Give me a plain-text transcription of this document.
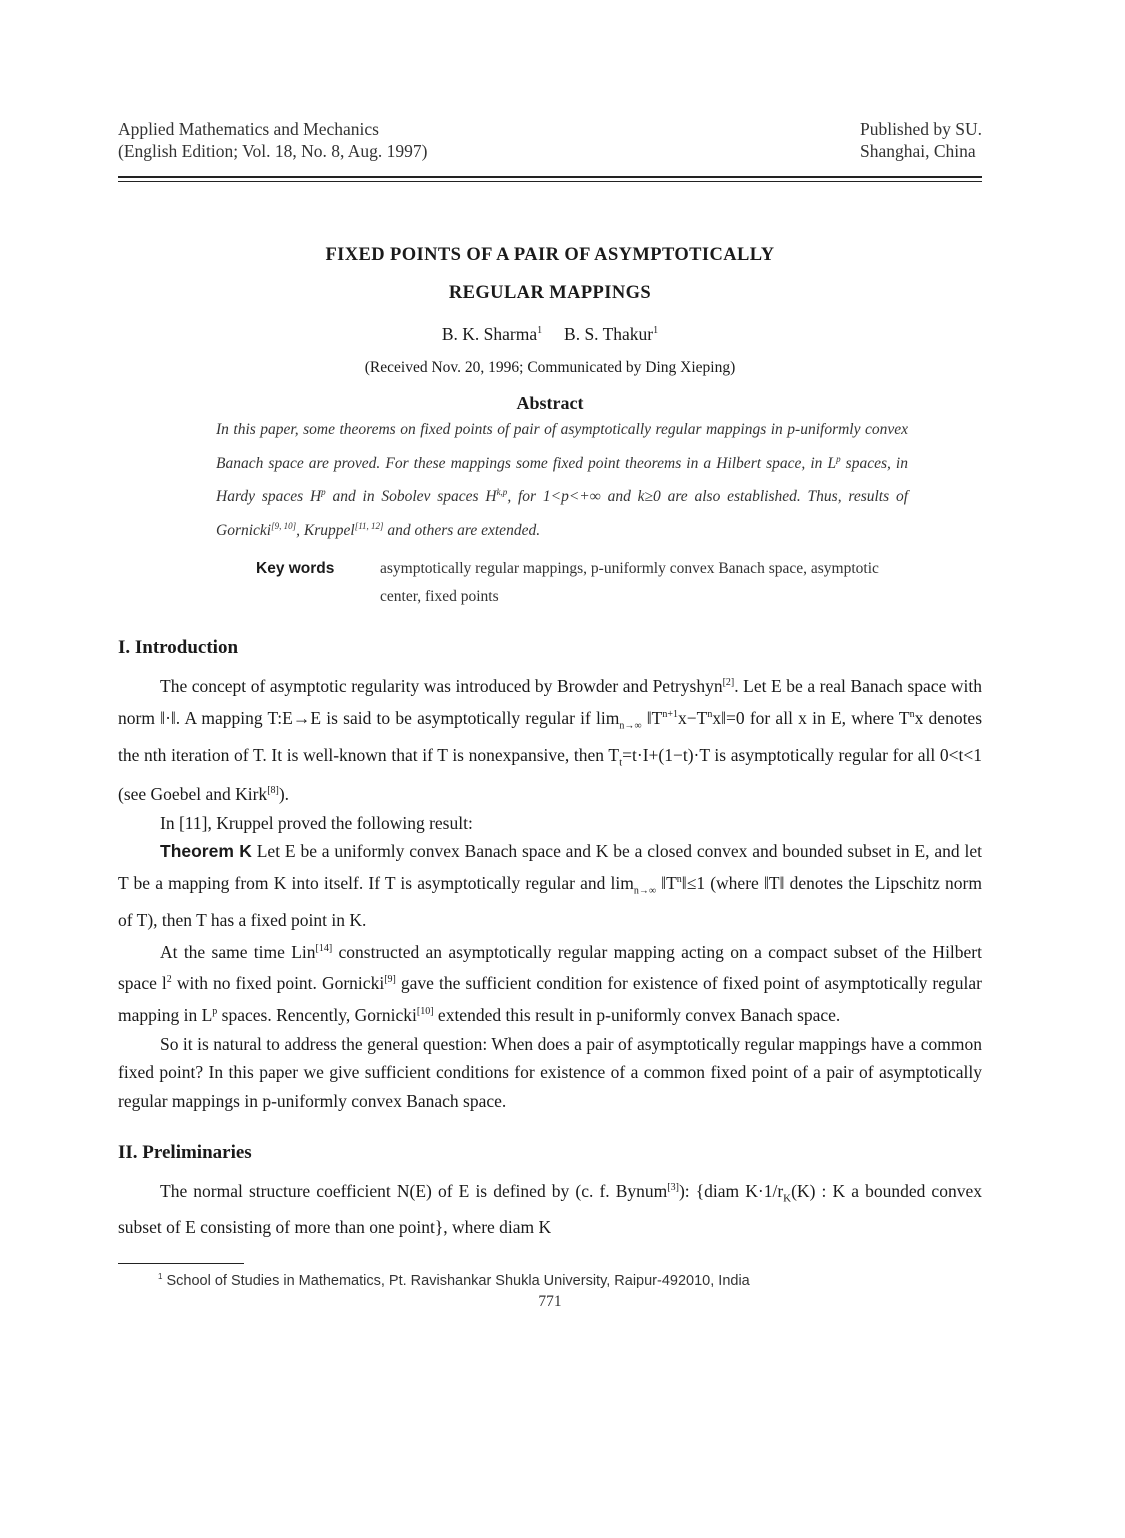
Applied Mathematics and Mechanics
(English Edition; Vol. 18, No. 8, Aug. 1997)
Published by SU.
Shanghai, China
FIXED POINTS OF A PAIR OF ASYMPTOTICALLY
REGULAR MAPPINGS
B. K. Sharma$^1$ B. S. Thakur$^1$
(Received Nov. 20, 1996; Communicated by Ding Xieping)
Abstract
In this paper, some theorems on fixed points of pair of asymptotically regular mappings in p-uniformly convex Banach space are proved. For these mappings some fixed point theorems in a Hilbert space, in $L^p$ spaces, in Hardy spaces $H^p$ and in Sobolev spaces H$^{k,p}$, for 1<p<+∞ and k≥0 are also established. Thus, results of Gornicki[9, 10], Kruppel[11, 12] and others are extended.
Key words	asymptotically regular mappings, p-uniformly convex Banach space, asymptotic center, fixed points
I. Introduction

The concept of asymptotic regularity was introduced by Browder and Petryshyn[2]. Let E be a real Banach space with norm ‖·‖. A mapping T:E→E is said to be asymptotically regular if $\lim_{n\to\infty}$ $‖T^{n+1}x-T^nx‖=0$ for all x in E, where $T^nx$ denotes the nth iteration of T. It is well-known that if T is nonexpansive, then $T_t=t\cdot I+(1-t)\cdot T$ is asymptotically regular for all 0<t<1 (see Goebel and Kirk[8]).

In [11], Kruppel proved the following result:

Theorem K Let E be a uniformly convex Banach space and K be a closed convex and bounded subset in E, and let T be a mapping from K into itself. If T is asymptotically regular and $\lim_{n\to\infty}$ $‖T^n‖\le 1$ (where ‖T‖ denotes the Lipschitz norm of T), then T has a fixed point in K.

At the same time Lin[14] constructed an asymptotically regular mapping acting on a compact subset of the Hilbert space $l^2$ with no fixed point. Gornicki[9] gave the sufficient condition for existence of fixed point of asymptotically regular mapping in $L^p$ spaces. Rencently, Gornicki[10] extended this result in p-uniformly convex Banach space.

So it is natural to address the general question: When does a pair of asymptotically regular mappings have a common fixed point? In this paper we give sufficient conditions for existence of a common fixed point of a pair of asymptotically regular mappings in p-uniformly convex Banach space.

II. Preliminaries

The normal structure coefficient N(E) of E is defined by (c. f. Bynum[3]): {diam $K\cdot 1/r_K(K)$ : K a bounded convex subset of E consisting of more than one point}, where diam K

$^1$ School of Studies in Mathematics, Pt. Ravishankar Shukla University, Raipur-492010, India
771
